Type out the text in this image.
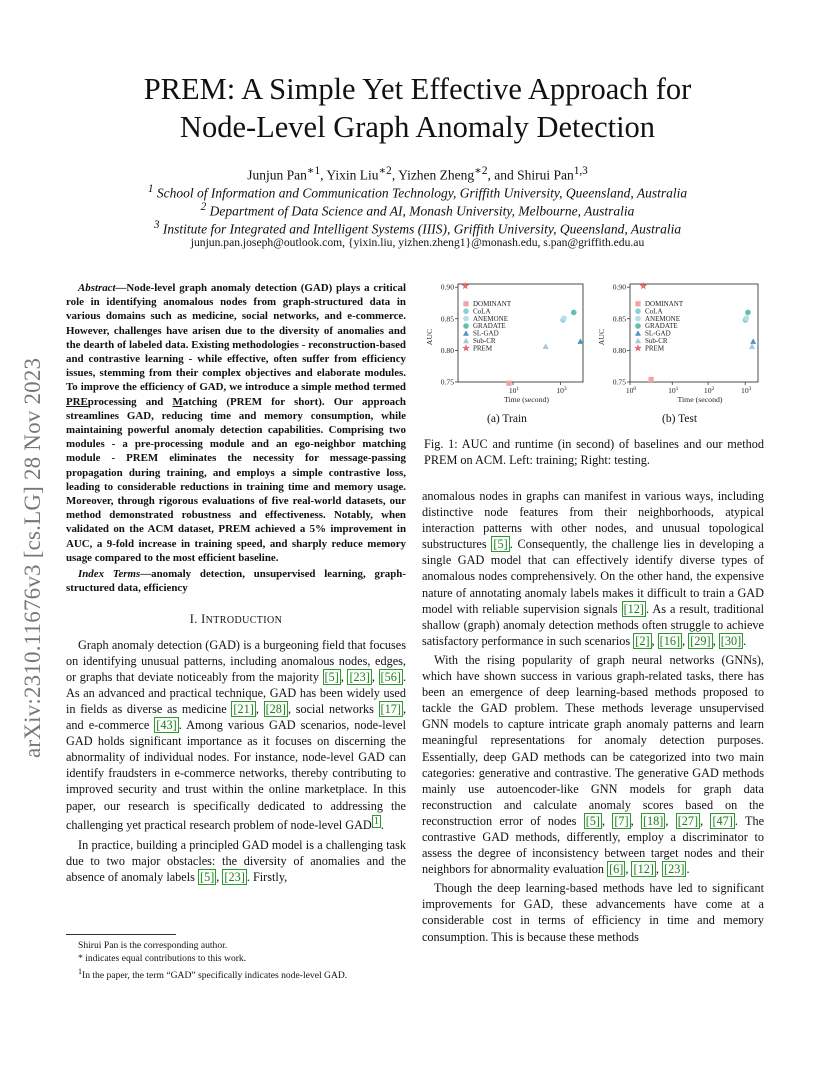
arXiv:2310.11676v3 [cs.LG] 28 Nov 2023
PREM: A Simple Yet Effective Approach for
Node-Level Graph Anomaly Detection
Junjun Pan$^{∗1}$, Yixin Liu$^{∗2}$, Yizhen Zheng$^{∗2}$, and Shirui Pan$^{1,3}$
$^1$ School of Information and Communication Technology, Griffith University, Queensland, Australia
$^2$ Department of Data Science and AI, Monash University, Melbourne, Australia
$^3$ Institute for Integrated and Intelligent Systems (IIIS), Griffith University, Queensland, Australia
junjun.pan.joseph@outlook.com, {yixin.liu, yizhen.zheng1}@monash.edu, s.pan@griffith.edu.au

Abstract—Node-level graph anomaly detection (GAD) plays a critical role in identifying anomalous nodes from graph-structured data in various domains such as medicine, social networks, and e-commerce. However, challenges have arisen due to the diversity of anomalies and the dearth of labeled data. Existing methodologies - reconstruction-based and contrastive learning - while effective, often suffer from efficiency issues, stemming from their complex objectives and elaborate modules. To improve the efficiency of GAD, we introduce a simple method termed PREprocessing and Matching (PREM for short). Our approach streamlines GAD, reducing time and memory consumption, while maintaining powerful anomaly detection capabilities. Comprising two modules - a pre-processing module and an ego-neighbor matching module - PREM eliminates the necessity for message-passing propagation during training, and employs a simple contrastive loss, leading to considerable reductions in training time and memory usage. Moreover, through rigorous evaluations of five real-world datasets, our method demonstrated robustness and effectiveness. Notably, when validated on the ACM dataset, PREM achieved a 5% improvement in AUC, a 9-fold increase in training speed, and sharply reduce memory usage compared to the most efficient baseline.

Index Terms—anomaly detection, unsupervised learning, graph-structured data, efficiency

I. INTRODUCTION

Graph anomaly detection (GAD) is a burgeoning field that focuses on identifying unusual patterns, including anomalous nodes, edges, or graphs that deviate noticeably from the majority [5] , [23] , [56] . As an advanced and practical technique, GAD has been widely used in fields as diverse as medicine [21] , [28] , social networks [17] , and e-commerce [43] . Among various GAD scenarios, node-level GAD holds significant importance as it focuses on discerning the abnormality of individual nodes. For instance, node-level GAD can identify fraudsters in e-commerce networks, thereby contributing to improved security and trust within the online marketplace. In this paper, our research is specifically dedicated to addressing the challenging yet practical research problem of node-level GAD $^1$ .

In practice, building a principled GAD model is a challenging task due to two major obstacles: the diversity of anomalies and the absence of anomaly labels [5] , [23] . Firstly,

Shirui Pan is the corresponding author.
* indicates equal contributions to this work.
$^1$In the paper, the term “GAD” specifically indicates node-level GAD.
0.75
0.80
0.85
0.90
$10^1$	$10^3$
Time (second)
AUC
DOMINANT
CoLA
ANEMONE
GRADATE
SL-GAD
Sub-CR
PREM
0.75
0.80
0.85
0.90
$10^0$	$10^1$	$10^2$	$10^3$
Time (second)
AUC
DOMINANT
CoLA
ANEMONE
GRADATE
SL-GAD
Sub-CR
PREM
(a) Train	(b) Test
Fig. 1: AUC and runtime (in second) of baselines and our method PREM on ACM. Left: training; Right: testing.

anomalous nodes in graphs can manifest in various ways, including distinctive node features from their neighborhoods, atypical interaction patterns with other nodes, and unusual topological substructures [5] . Consequently, the challenge lies in developing a single GAD model that can effectively identify diverse types of anomalous nodes comprehensively. On the other hand, the expensive nature of annotating anomaly labels makes it difficult to train a GAD model with reliable supervision signals [12] . As a result, traditional shallow (graph) anomaly detection methods often struggle to achieve satisfactory performance in such scenarios [2] , [16] , [29] , [30] .

With the rising popularity of graph neural networks (GNNs), which have shown success in various graph-related tasks, there has been an emergence of deep learning-based methods proposed to tackle the GAD problem. These methods leverage unsupervised GNN models to capture intricate graph anomaly patterns and learn meaningful representations for anomaly detection purposes. Essentially, deep GAD methods can be categorized into two main categories: generative and contrastive. The generative GAD methods mainly use autoencoder-like GNN models for graph data reconstruction and calculate anomaly scores based on the reconstruction error of nodes [5] , [7] , [18] , [27] , [47] . The contrastive GAD methods, differently, employ a discriminator to assess the degree of inconsistency between target nodes and their neighbors for abnormality evaluation [6] , [12] , [23] .

Though the deep learning-based methods have led to significant improvements for GAD, these advancements have come at a considerable cost in terms of efficiency in time and memory consumption. This is because these methods
